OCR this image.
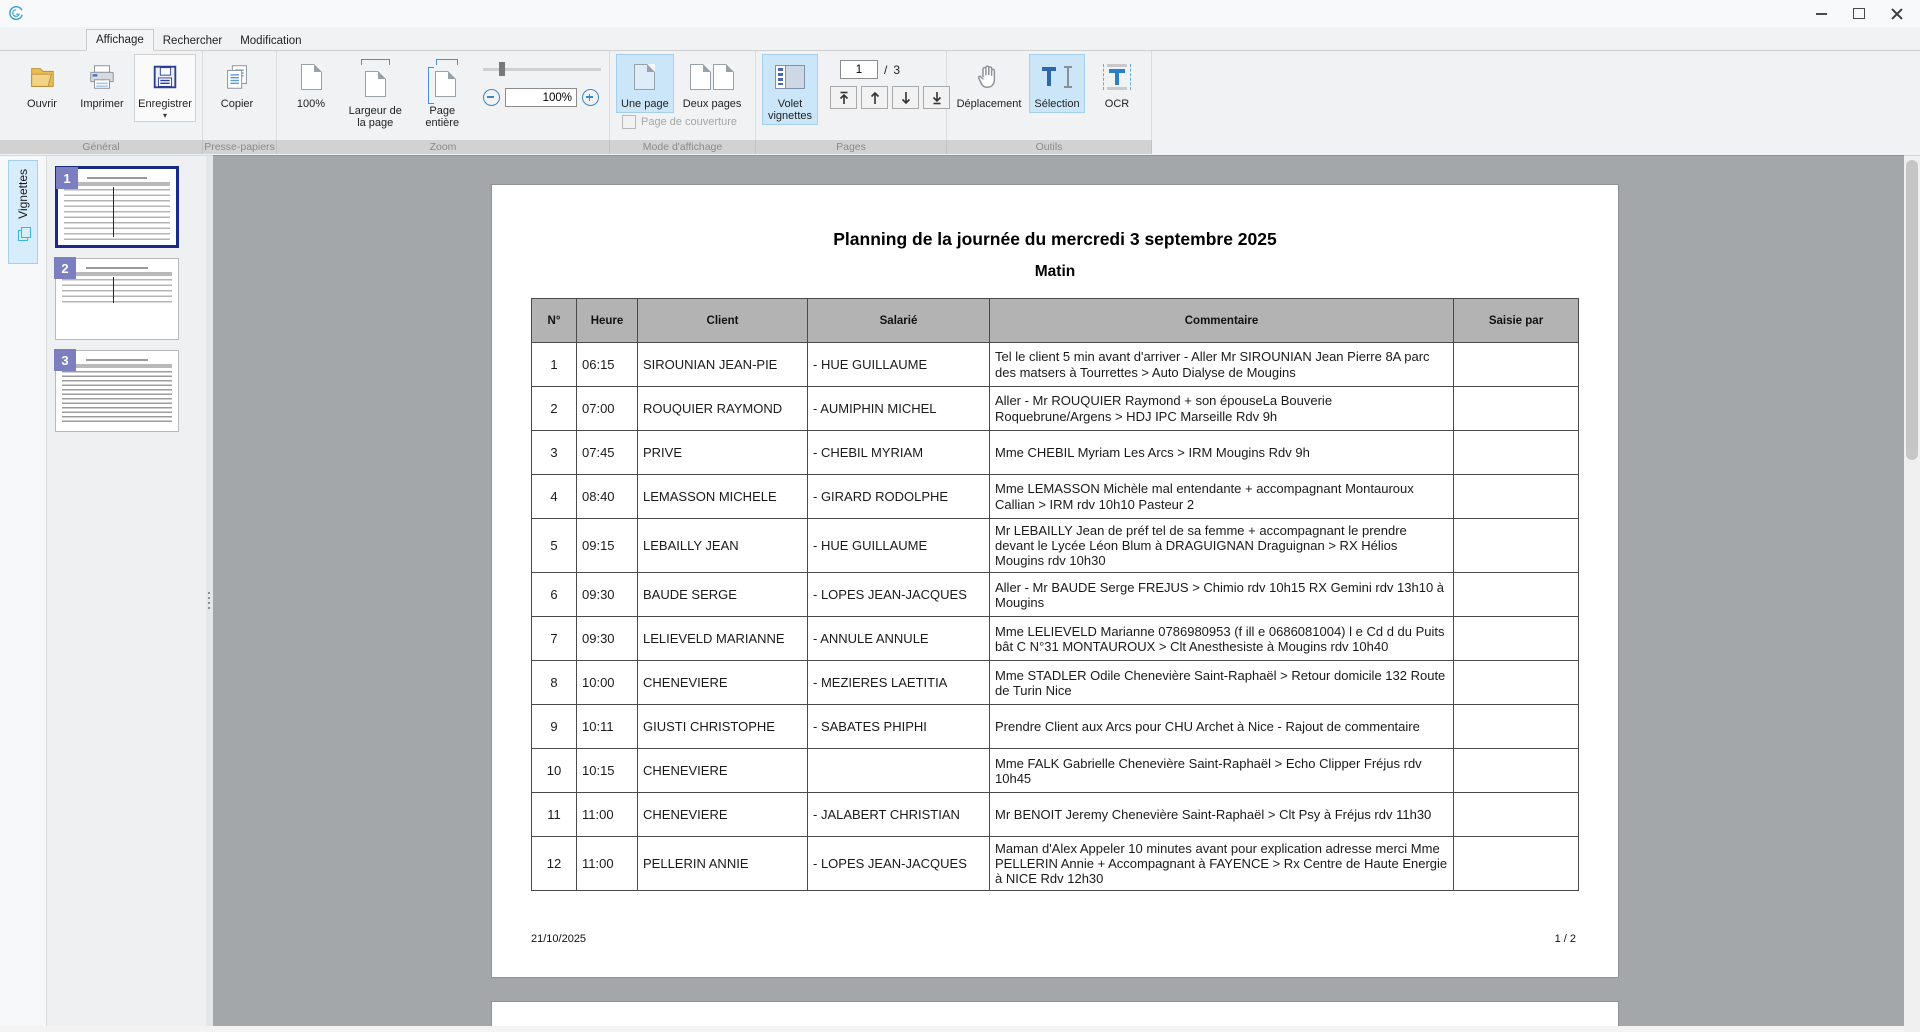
Affichage	Rechercher	Modification
Ouvrir Imprimer Enregistrer
▾
Copier	100%
Largeur de la page
Page entière
100%
Une page Deux pages
Page de couverture
Volet vignettes
1
/ 3
Déplacement Sélection OCR
Général	Presse-papiers	Zoom	Mode d'affichage	Pages	Outils
Vignettes	1
2
3
Planning de la journée du mercredi 3 septembre 2025
Matin
N°	Heure	Client	Salarié	Commentaire	Saisie par
1	06:15	SIROUNIAN JEAN-PIE	- HUE GUILLAUME	Tel le client 5 min avant d'arriver - Aller Mr SIROUNIAN Jean Pierre 8A parc des matsers à Tourrettes > Auto Dialyse de Mougins	
2	07:00	ROUQUIER RAYMOND	- AUMIPHIN MICHEL	Aller - Mr ROUQUIER Raymond + son épouseLa Bouverie Roquebrune/Argens > HDJ IPC Marseille Rdv 9h	
3	07:45	PRIVE	- CHEBIL MYRIAM	Mme CHEBIL Myriam Les Arcs > IRM Mougins Rdv 9h	
4	08:40	LEMASSON MICHELE	- GIRARD RODOLPHE	Mme LEMASSON Michèle mal entendante + accompagnant Montauroux Callian > IRM rdv 10h10 Pasteur 2	
5	09:15	LEBAILLY JEAN	- HUE GUILLAUME	Mr LEBAILLY Jean de préf tel de sa femme + accompagnant le prendre devant le Lycée Léon Blum à DRAGUIGNAN Draguignan > RX Hélios Mougins rdv 10h30	
6	09:30	BAUDE SERGE	- LOPES JEAN-JACQUES	Aller - Mr BAUDE Serge FREJUS > Chimio rdv 10h15 RX Gemini rdv 13h10 à Mougins	
7	09:30	LELIEVELD MARIANNE	- ANNULE ANNULE	Mme LELIEVELD Marianne 0786980953 (f ill e 0686081004) l e Cd d du Puits bât C N°31 MONTAUROUX > Clt Anesthesiste à Mougins rdv 10h40	
8	10:00	CHENEVIERE	- MEZIERES LAETITIA	Mme STADLER Odile Chenevière Saint-Raphaël > Retour domicile 132 Route de Turin Nice	
9	10:11	GIUSTI CHRISTOPHE	- SABATES PHIPHI	Prendre Client aux Arcs pour CHU Archet à Nice - Rajout de commentaire	
10	10:15	CHENEVIERE		Mme FALK Gabrielle Chenevière Saint-Raphaël > Echo Clipper Fréjus rdv 10h45	
11	11:00	CHENEVIERE	- JALABERT CHRISTIAN	Mr BENOIT Jeremy Chenevière Saint-Raphaël > Clt Psy à Fréjus rdv 11h30	
12	11:00	PELLERIN ANNIE	- LOPES JEAN-JACQUES	Maman d'Alex Appeler 10 minutes avant pour explication adresse merci Mme PELLERIN Annie + Accompagnant à FAYENCE > Rx Centre de Haute Energie à NICE Rdv 12h30	
21/10/2025	1 / 2
